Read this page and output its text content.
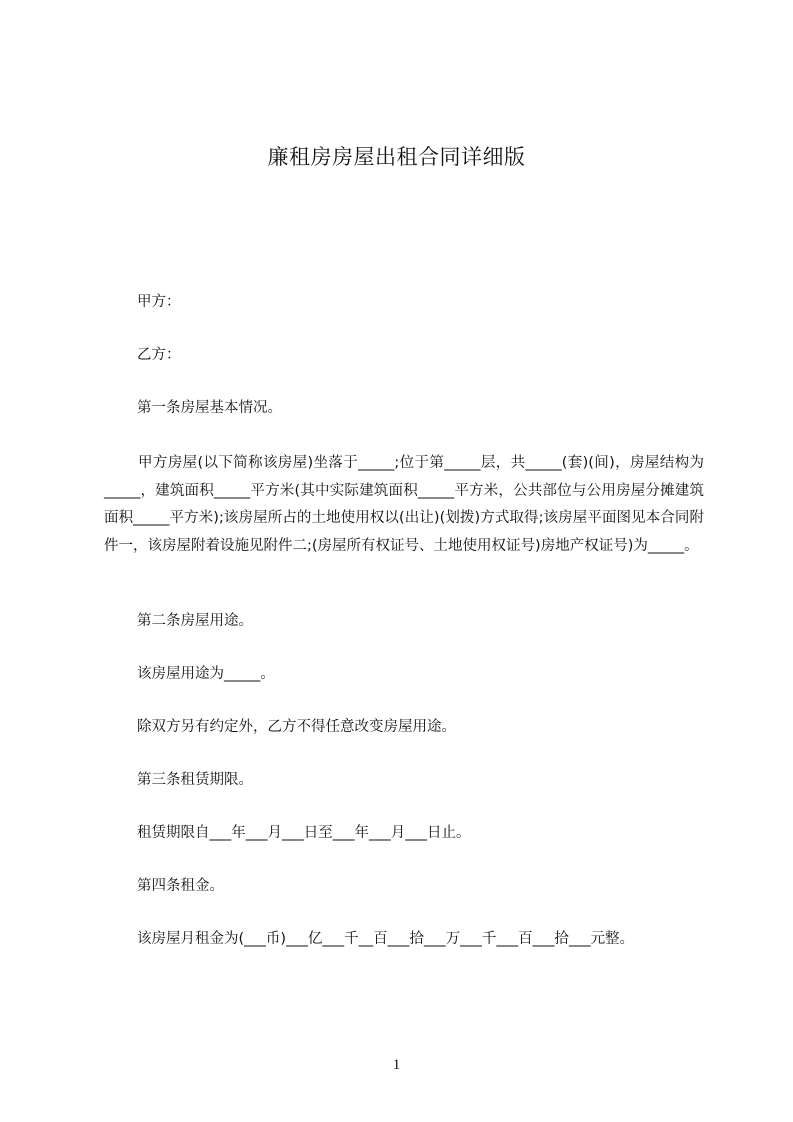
廉租房房屋出租合同详细版
甲方：
乙方：
第一条房屋基本情况。
甲方房屋(以下简称该房屋)坐落于_____;位于第_____层，共_____(套)(间)，房屋结构为_____，建筑面积_____平方米(其中实际建筑面积_____平方米，公共部位与公用房屋分摊建筑面积_____平方米);该房屋所占的土地使用权以(出让)(划拨)方式取得;该房屋平面图见本合同附件一，该房屋附着设施见附件二;(房屋所有权证号、土地使用权证号)房地产权证号)为_____。
第二条房屋用途。
该房屋用途为_____。
除双方另有约定外，乙方不得任意改变房屋用途。
第三条租赁期限。
租赁期限自___年___月___日至___年___月___日止。
第四条租金。
该房屋月租金为(___币)___亿___千__百___拾___万___千___百___拾___元整。
1
